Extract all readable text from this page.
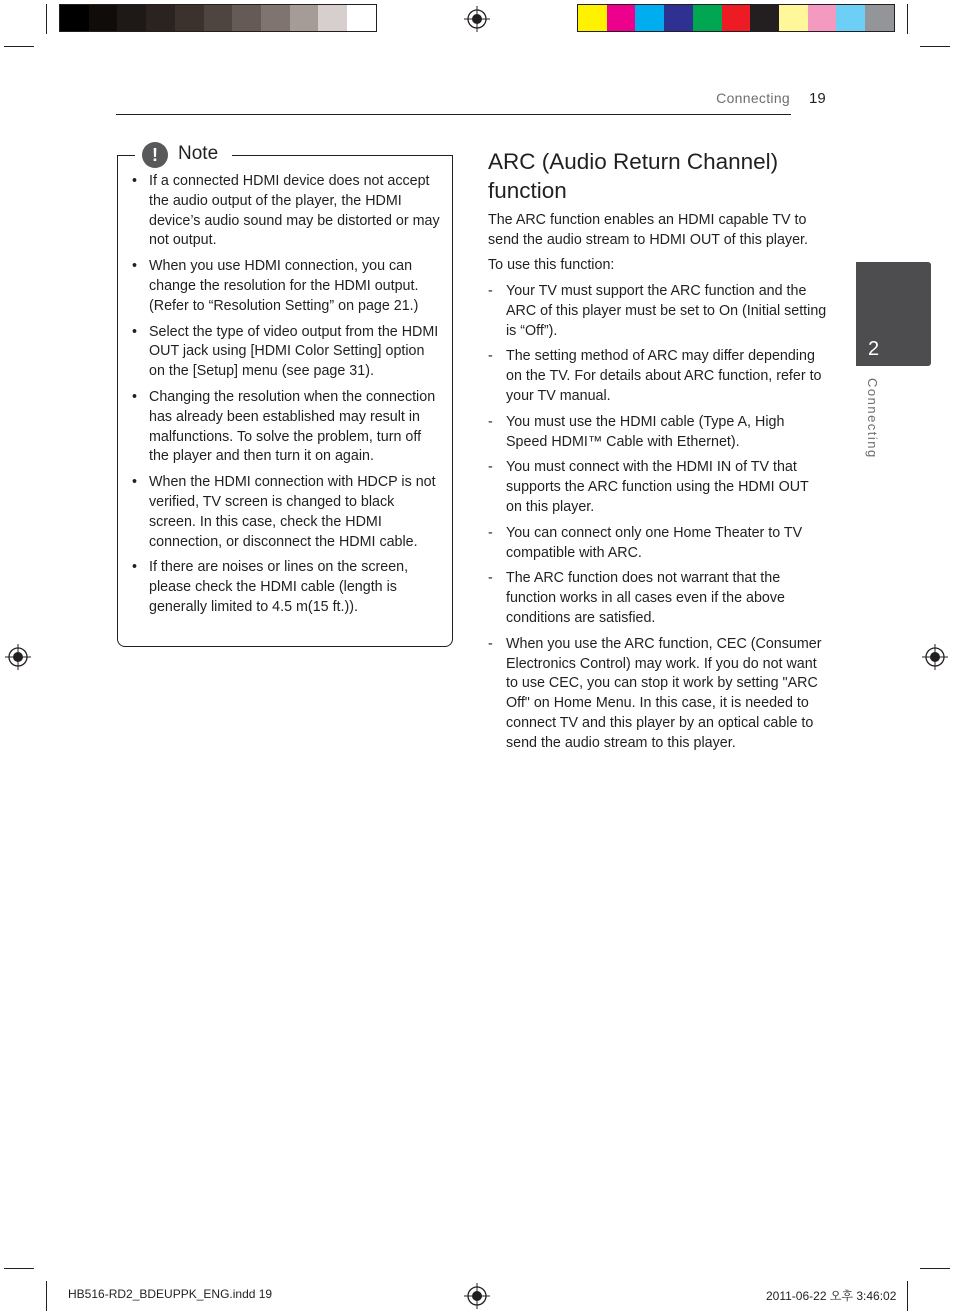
Connecting 19
!	Note
• If a connected HDMI device does not accept the audio output of the player, the HDMI device’s audio sound may be distorted or may not output.
• When you use HDMI connection, you can change the resolution for the HDMI output. (Refer to “Resolution Setting” on page 21.)
• Select the type of video output from the HDMI OUT jack using [HDMI Color Setting] option on the [Setup] menu (see page 31).
• Changing the resolution when the connection has already been established may result in malfunctions. To solve the problem, turn off the player and then turn it on again.
• When the HDMI connection with HDCP is not verified, TV screen is changed to black screen. In this case, check the HDMI connection, or disconnect the HDMI cable.
• If there are noises or lines on the screen, please check the HDMI cable (length is generally limited to 4.5 m(15 ft.)).
ARC (Audio Return Channel) function

The ARC function enables an HDMI capable TV to send the audio stream to HDMI OUT of this player.

To use this function:

- Your TV must support the ARC function and the ARC of this player must be set to On (Initial setting is “Off”).
- The setting method of ARC may differ depending on the TV. For details about ARC function, refer to your TV manual.
- You must use the HDMI cable (Type A, High Speed HDMI™ Cable with Ethernet).
- You must connect with the HDMI IN of TV that supports the ARC function using the HDMI OUT on this player.
- You can connect only one Home Theater to TV compatible with ARC.
- The ARC function does not warrant that the function works in all cases even if the above conditions are satisfied.
- When you use the ARC function, CEC (Consumer Electronics Control) may work. If you do not want to use CEC, you can stop it work by setting "ARC Off" on Home Menu. In this case, it is needed to connect TV and this player by an optical cable to send the audio stream to this player.
2
Connecting
HB516-RD2_BDEUPPK_ENG.indd 19	2011-06-22 오후 3:46:02
